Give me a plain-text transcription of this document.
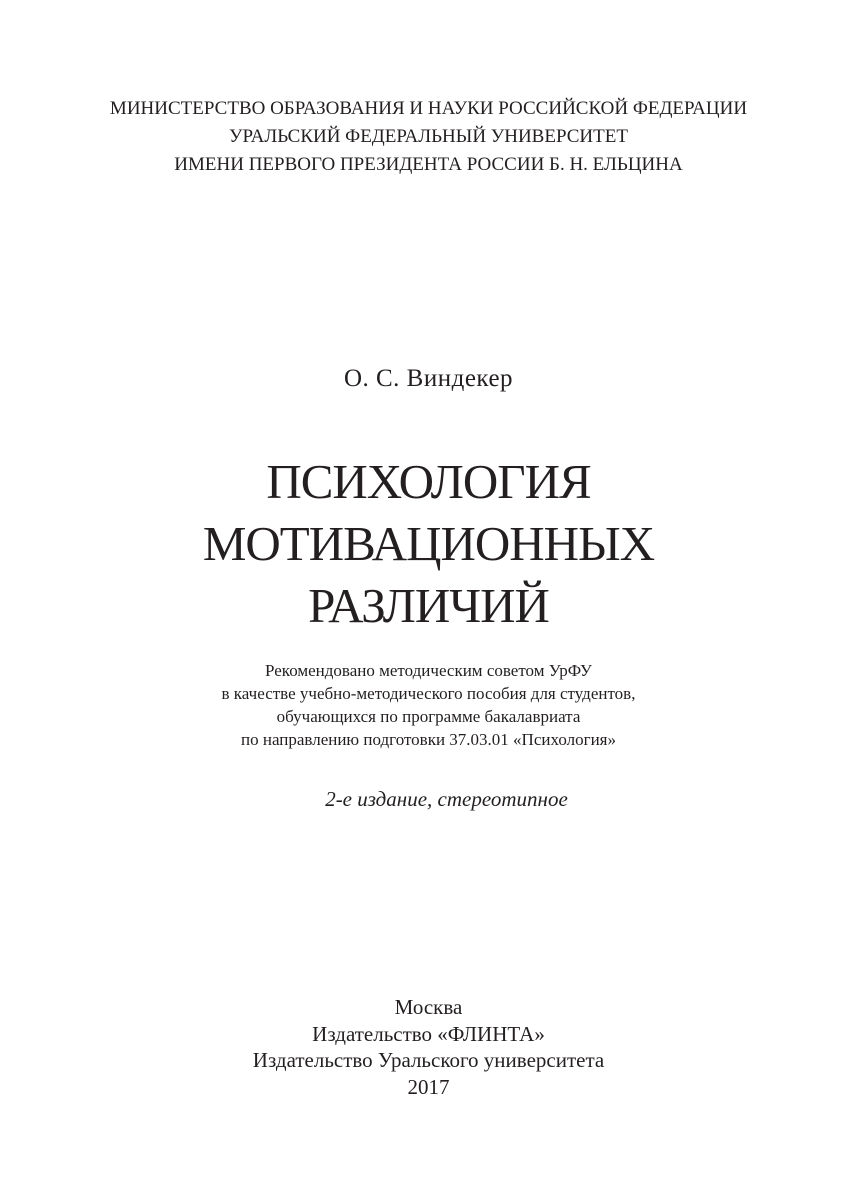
МИНИСТЕРСТВО ОБРАЗОВАНИЯ И НАУКИ РОССИЙСКОЙ ФЕДЕРАЦИИ
УРАЛЬСКИЙ ФЕДЕРАЛЬНЫЙ УНИВЕРСИТЕТ
ИМЕНИ ПЕРВОГО ПРЕЗИДЕНТА РОССИИ Б. Н. ЕЛЬЦИНА
О. С. Виндекер
ПСИХОЛОГИЯ
МОТИВАЦИОННЫХ
РАЗЛИЧИЙ
Рекомендовано методическим советом УрФУ
в качестве учебно-методического пособия для студентов,
обучающихся по программе бакалавриата
по направлению подготовки 37.03.01 «Психология»
2-е издание, стереотипное
Москва
Издательство «ФЛИНТА»
Издательство Уральского университета
2017
